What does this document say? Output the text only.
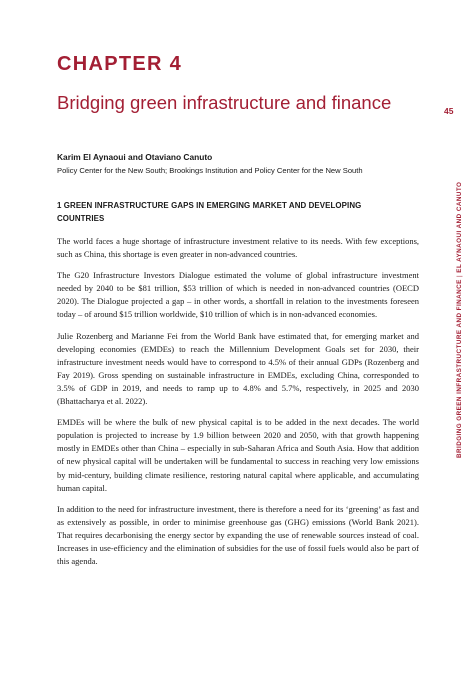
CHAPTER 4
Bridging green infrastructure and finance	45
BRIDGING GREEN INFRASTRUCTURE AND FINANCE | EL AYNAOUI AND CANUTO
Karim El Aynaoui and Otaviano Canuto
Policy Center for the New South; Brookings Institution and Policy Center for the New South
1 GREEN INFRASTRUCTURE GAPS IN EMERGING MARKET AND DEVELOPING COUNTRIES

The world faces a huge shortage of infrastructure investment relative to its needs. With few exceptions, such as China, this shortage is even greater in non-advanced countries.

The G20 Infrastructure Investors Dialogue estimated the volume of global infrastructure investment needed by 2040 to be $81 trillion, $53 trillion of which is needed in non-advanced countries (OECD 2020). The Dialogue projected a gap – in other words, a shortfall in relation to the investments foreseen today – of around $15 trillion worldwide, $10 trillion of which is in non-advanced economies.

Julie Rozenberg and Marianne Fei from the World Bank have estimated that, for emerging market and developing economies (EMDEs) to reach the Millennium Development Goals set for 2030, their infrastructure investment needs would have to correspond to 4.5% of their annual GDPs (Rozenberg and Fay 2019). Gross spending on sustainable infrastructure in EMDEs, excluding China, corresponded to 3.5% of GDP in 2019, and needs to ramp up to 4.8% and 5.7%, respectively, in 2025 and 2030 (Bhattacharya et al. 2022).

EMDEs will be where the bulk of new physical capital is to be added in the next decades. The world population is projected to increase by 1.9 billion between 2020 and 2050, with that growth happening mostly in EMDEs other than China – especially in sub-Saharan Africa and South Asia. How that addition of new physical capital will be undertaken will be fundamental to success in reaching very low emissions by mid-century, building climate resilience, restoring natural capital where applicable, and accumulating human capital.

In addition to the need for infrastructure investment, there is therefore a need for its ‘greening’ as fast and as extensively as possible, in order to minimise greenhouse gas (GHG) emissions (World Bank 2021). That requires decarbonising the energy sector by expanding the use of renewable sources instead of coal. Increases in use-efficiency and the elimination of subsidies for the use of fossil fuels would also be part of this agenda.
